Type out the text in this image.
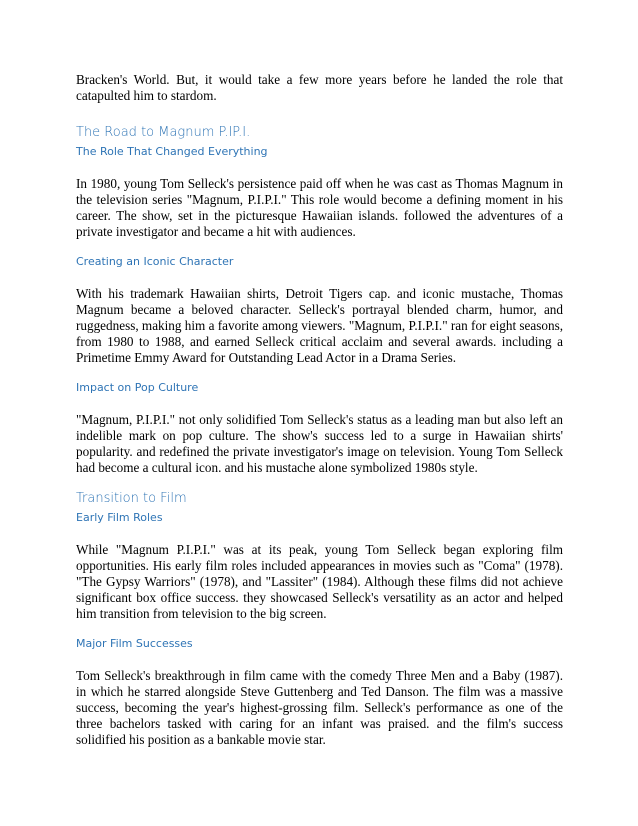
Bracken's World. But, it would take a few more years before he landed the role that catapulted him to stardom.

The Road to Magnum P.IP.I.
The Role That Changed Everything

In 1980, young Tom Selleck's persistence paid off when he was cast as Thomas Magnum in the television series "Magnum, P.I.P.I." This role would become a defining moment in his career. The show, set in the picturesque Hawaiian islands. followed the adventures of a private investigator and became a hit with audiences.

Creating an Iconic Character

With his trademark Hawaiian shirts, Detroit Tigers cap. and iconic mustache, Thomas Magnum became a beloved character. Selleck's portrayal blended charm, humor, and ruggedness, making him a favorite among viewers. "Magnum, P.I.P.I." ran for eight seasons, from 1980 to 1988, and earned Selleck critical acclaim and several awards. including a Primetime Emmy Award for Outstanding Lead Actor in a Drama Series.

Impact on Pop Culture

"Magnum, P.I.P.I." not only solidified Tom Selleck's status as a leading man but also left an indelible mark on pop culture. The show's success led to a surge in Hawaiian shirts' popularity. and redefined the private investigator's image on television. Young Tom Selleck had become a cultural icon. and his mustache alone symbolized 1980s style.

Transition to Film
Early Film Roles

While "Magnum P.I.P.I." was at its peak, young Tom Selleck began exploring film opportunities. His early film roles included appearances in movies such as "Coma" (1978). "The Gypsy Warriors" (1978), and "Lassiter" (1984). Although these films did not achieve significant box office success. they showcased Selleck's versatility as an actor and helped him transition from television to the big screen.

Major Film Successes

Tom Selleck's breakthrough in film came with the comedy Three Men and a Baby (1987). in which he starred alongside Steve Guttenberg and Ted Danson. The film was a massive success, becoming the year's highest-grossing film. Selleck's performance as one of the three bachelors tasked with caring for an infant was praised. and the film's success solidified his position as a bankable movie star.
